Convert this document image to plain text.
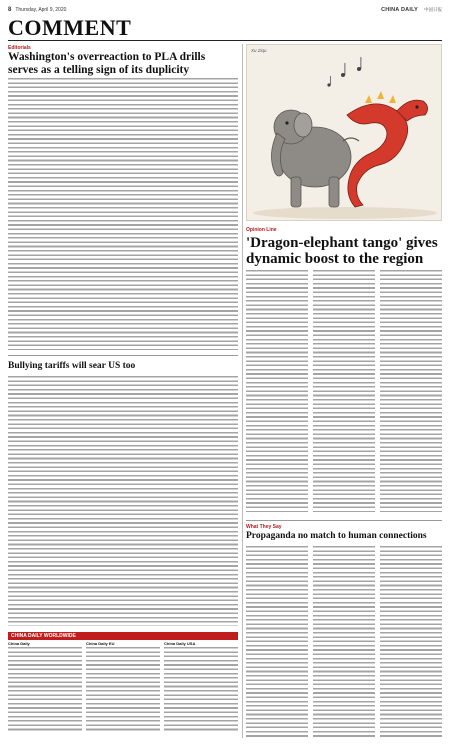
8 Thursday, April 9, 2020	CHINA DAILY 中国日报
COMMENT
Editorials
Washington's overreaction to PLA drills serves as a telling sign of its duplicity
Bullying tariffs will sear US too
CHINA DAILY WORLDWIDE
China Daily	China Daily EU	China Daily USA
Xu Ziqu
Opinion Line
'Dragon-elephant tango' gives dynamic boost to the region
What They Say
Propaganda no match to human connections
